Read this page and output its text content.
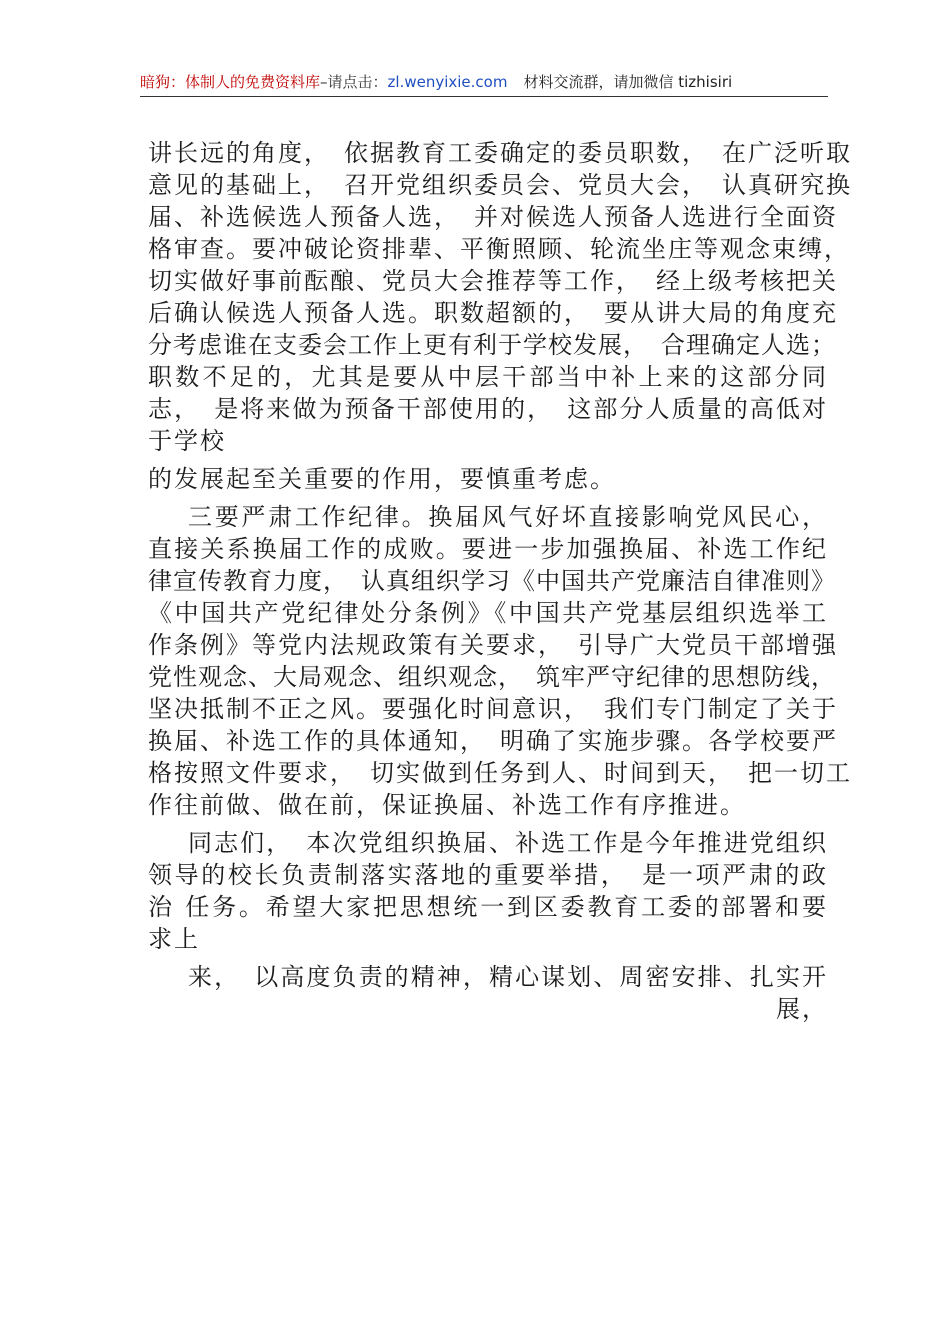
暗狗：体制人的免费资料库–请点击：zl.wenyixie.com 材料交流群，请加微信 tizhisiri
讲长远的角度，　依据教育工委确定的委员职数，　在广泛听取
意见的基础上，　召开党组织委员会、党员大会，　认真研究换
届、补选候选人预备人选，　并对候选人预备人选进行全面资
格审查。要冲破论资排辈、平衡照顾、轮流坐庄等观念束缚，
切实做好事前酝酿、党员大会推荐等工作，　经上级考核把关
后确认候选人预备人选。职数超额的，　要从讲大局的角度充
分考虑谁在支委会工作上更有利于学校发展，　合理确定人选；
职数不足的，尤其是要从中层干部当中补上来的这部分同
志，　是将来做为预备干部使用的，　这部分人质量的高低对
于学校
的发展起至关重要的作用，要慎重考虑。
三要严肃工作纪律。换届风气好坏直接影响党风民心，
直接关系换届工作的成败。要进一步加强换届、补选工作纪
律宣传教育力度，　认真组织学习《中国共产党廉洁自律准则》
《中国共产党纪律处分条例》《中国共产党基层组织选举工
作条例》等党内法规政策有关要求，　引导广大党员干部增强
党性观念、大局观念、组织观念，　筑牢严守纪律的思想防线，
坚决抵制不正之风。要强化时间意识，　我们专门制定了关于
换届、补选工作的具体通知，　明确了实施步骤。各学校要严
格按照文件要求，　切实做到任务到人、时间到天，　把一切工
作往前做、做在前，保证换届、补选工作有序推进。
同志们，　本次党组织换届、补选工作是今年推进党组织
领导的校长负责制落实落地的重要举措，　是一项严肃的政
治 任务。希望大家把思想统一到区委教育工委的部署和要
求上
来，　以高度负责的精神，精心谋划、周密安排、扎实开
展，
